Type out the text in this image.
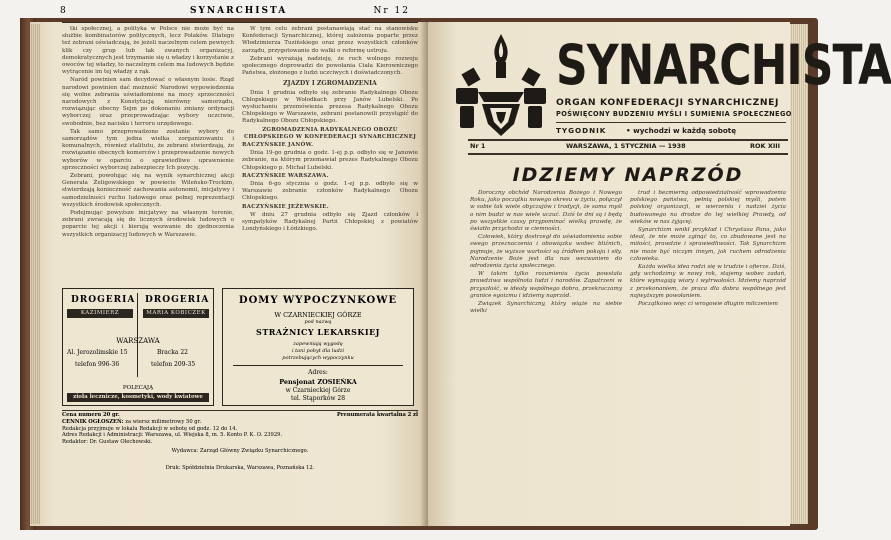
8	SYNARCHISTA	Nr 12

tki społecznej, a polityka w Polsce nie może być na służbie kombinatorów politycznych, lecz Polaków. Dlatego też zebrani oświadczają, że jeżeli naczelnym celem pewnych klik czy grup lub tak zwanych organizacyj, demokratycznych jest trzymanie się u władzy i korzystanie z owoców tej władzy, to naczelnym celem ma ludowych będzie wytrącenie im tej władzy z rąk.

Naród powinien sam decydować o własnym losie. Rząd narodowi powinien dać możność Narodowi wypowiedzenia się wolne zebrania uświadomione na mocy sprzeczności narodowych z Konstytucją nierówny samorządu, rozwiązując obecny Sejm po dokonaniu zmiany ordynacji wyborczej oraz przeprowadzając wybory uczciwie, swobodnie, bez nacisku i terroru urzędowego.

Tak samo przeprowadzone zostanie wybory do samorządów tym jedna wielka zorganizowaniu i komunalnych, również stalitutu, że zebrani stwierdzają, że rozwiązanie obecnych komerców i przeprowadzenie nowych wyborów w oparciu o sprawiedliwe uprawnienie sprzeczności wyborczej zabezpieczy Ich pozycję.

Zebrani, powołując się na wynik synarchicznej akcji Generała Żeligowskiego w powiecie Wileńsko-Trockim, stwierdzają konieczność zachowania autonomii, inicjatywy i samodzielności ruchu ludowego oraz pełnej reprezentacji wszystkich środowisk społecznych.

Podejmując powyższe inicjatywy na własnym terenie, zebrani zwracają się do licznych środowisk ludowych o poparcie tej akcji i kierują wezwanie do zjednoczenia wszystkich organizacyj ludowych w Warszawie.

W tym celu zebrani postanawiają stać na stanowisku Konfederacji Synarchicznej, której założenia poparte przez Włodzimierza Tuzińskiego oraz przez wszystkich członków zarządu, przygotowanie do walki o reformę ustroju.

Zebrani wyrażają nadzieję, że ruch wolnego rozwoju społecznego doprowadzi do powołania Ciała Kierowniczego Państwa, złożonego z ludzi uczciwych i doświadczonych.

ZJAZDY I ZGROMADZENIA

Dnia 1 grudnia odbyło się zebranie Radykalnego Obozu Chłopskiego w Wołodkach przy Janów Lubelski. Po wysłuchaniu przemówienia prezesa Radykalnego Obozu Chłopskiego w Warszawie, zebrani postanowili przystąpić do Radykalnego Obozu Chłopskiego.

ZGROMADZENIA RADYKALNEGO OBOZU CHŁOPSKIEGO W KONFEDERACJI SYNARCHICZNEJ
RACZYŃSKIE JANÓW.

Dnia 19-go grudnia o godz. 1-ej p.p. odbyło się w Janowie zebranie, na którym przemawiał prezes Radykalnego Obozu Chłopskiego p. Michał Lubelski.

RACZYŃSKIE WARSZAWA.

Dnia 6-go stycznia o godz. 1-ej p.p. odbyło się w Warszawie zebranie członków Radykalnego Obozu Chłopskiego.

RACZYŃSKIE JEŻEWSKIE.

W dniu 27 grudnia odbyło się Zjazd członków i sympatyków Radykalnej Partii Chłopskiej z powiatów Londyńskiego i Łódzkiego.

DROGERIA DROGERIA
KAZIMIERZ KOBICZEK
MARIA KOBICZEK
WARSZAWA
Al. Jerozolimskie 15	Bracka 22
telefon 996-36	telefon 209-35
POLECAJĄ
zioła lecznicze, kosmetyki, wody kwiatowe
DOMY WYPOCZYNKOWE
W CZARNIECKIEJ GÓRZE
pod nazwą
STRAŻNICY LEKARSKIEJ
zapewniają wygodę
i tani pobyt dla ludzi
potrzebujących wypoczynku
Adres:
Pensjonat ZOSIEŃKA
w Czarnieckiej Górze
tel. Stąporków 28
Cena numeru 20 gr.	Prenumerata kwartalna 2 zł
CENNIK OGŁOSZEŃ: za wiersz milimetrowy 50 gr.
Redakcja przyjmuje w lokalu Redakcji w sobotę od godz. 12 do 14.
Adres Redakcji i Administracji: Warszawa, ul. Wiejska 8, m. 5. Konto P. K. O. 23929.
Redaktor: Dr. Gustaw Olechowski.
Wydawca: Zarząd Główny Związku Synarchicznego.
Druk: Spółdzielnia Drukarska, Warszawa, Poznańska 12.
SYNARCHISTA
ORGAN KONFEDERACJI SYNARCHICZNEJ
POŚWIĘCONY BUDZENIU MYŚLI I SUMIENIA SPOŁECZNEGO
TYGODNIK	• wychodzi w każdą sobotę
Nr 1	WARSZAWA, 1 STYCZNIA — 1938	ROK XIII
IDZIEMY NAPRZÓD

Doroczny obchód Narodzenia Bożego i Nowego Roku, jako początku nowego okresu w życiu, połączył w sobie tak wiele obyczajów i tradycji, że sama myśl o nim budzi w nas wiele uczuć. Dziś te dni są i będą po wszystkie czasy przypominać wielką prawdę, że światło przychodzi w ciemności.

Człowiek, który dostrzegł do uświadomienia sobie swego przeznaczenia i obowiązku wobec bliźnich, pojmuje, że wyższe wartości są źródłem pokoju i siły. Narodzenie Boże jest dla nas wezwaniem do odrodzenia życia społecznego.

W takim tylko rozumieniu życia powstała prawdziwa wspólnota ludzi i narodów. Zapatrzeni w przyszłość, w ideały wspólnego dobra, przekraczamy granice egoizmu i idziemy naprzód.

Związek Synarchiczny, który wiąże na siebie wielki

trud i bezmierną odpowiedzialność wprowadzenia polskiego państwa, pełnią polskiej myśli, potem polskiej organizacji, w wierzeniu i nadziei życia budowanego na drodze do tej wielkiej Prawdy, od wieków w nas żyjącej.

Synarchizm wnikł przykład i Chrystusa Pana, jako ideał, że nie może zginąć to, co zbudowane jest na miłości, prawdzie i sprawiedliwości. Tak Synarchizm nie może być niczym innym, jak ruchem odrodzenia człowieka.

Każda wielka idea rodzi się w trudzie i ofierze. Dziś, gdy wchodzimy w nowy rok, stajemy wobec zadań, które wymagają wiary i wytrwałości. Idziemy naprzód z przekonaniem, że praca dla dobra wspólnego jest najwyższym powołaniem.

Początkowo więc ci wrogowie długim milczeniem
